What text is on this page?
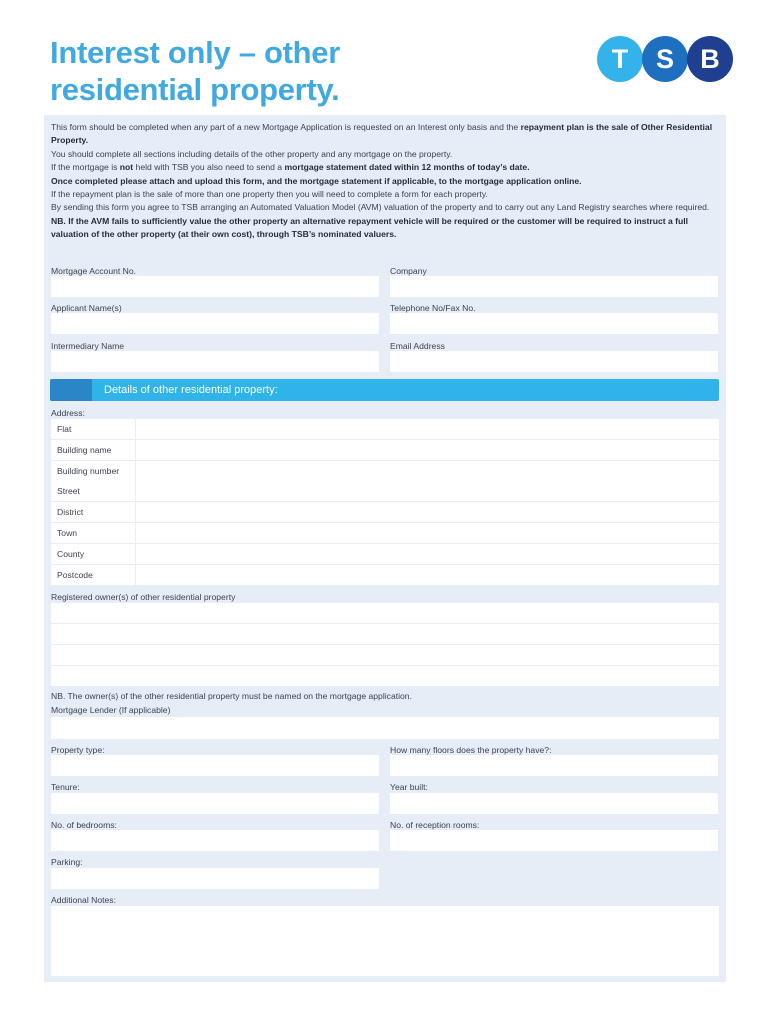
Interest only – other
residential property.
T	S B

This form should be completed when any part of a new Mortgage Application is requested on an Interest only basis and the repayment plan is the sale of Other Residential Property.

You should complete all sections including details of the other property and any mortgage on the property.

If the mortgage is not held with TSB you also need to send a mortgage statement dated within 12 months of today’s date.

Once completed please attach and upload this form, and the mortgage statement if applicable, to the mortgage application online.

If the repayment plan is the sale of more than one property then you will need to complete a form for each property.

By sending this form you agree to TSB arranging an Automated Valuation Model (AVM) valuation of the property and to carry out any Land Registry searches where required.

NB. If the AVM fails to sufficiently value the other property an alternative repayment vehicle will be required or the customer will be required to instruct a full valuation of the other property (at their own cost), through TSB’s nominated valuers.

Mortgage Account No.	Company
Applicant Name(s)	Telephone No/Fax No.
Intermediary Name	Email Address
Details of other residential property:
Address:
Flat
Building name
Building number
Street
District
Town
County
Postcode
Registered owner(s) of other residential property
NB. The owner(s) of the other residential property must be named on the mortgage application.
Mortgage Lender (If applicable)
Property type:	How many floors does the property have?:
Tenure:	Year built:
No. of bedrooms:	No. of reception rooms:
Parking:
Additional Notes:
